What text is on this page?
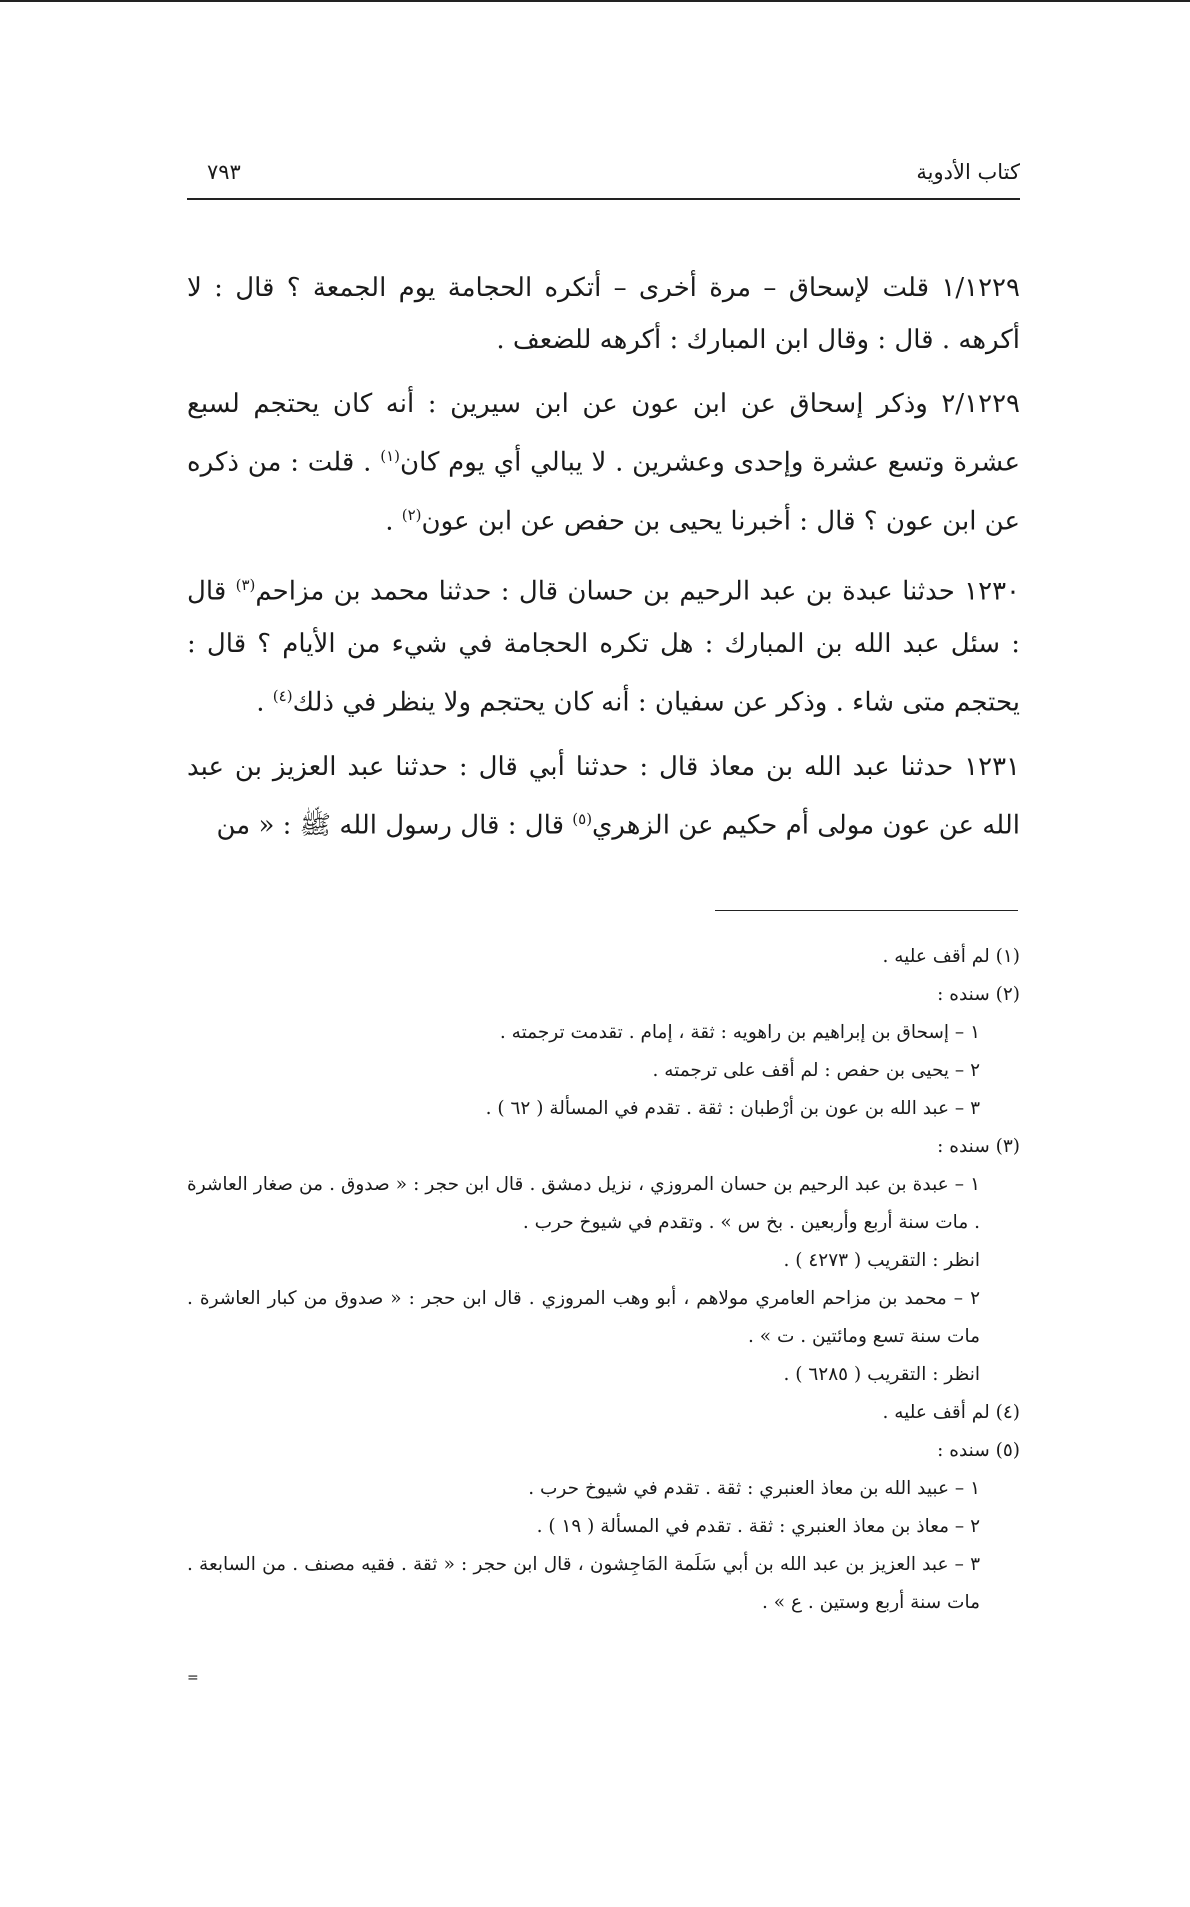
كتاب الأدوية
٧٩٣
١/١٢٢٩ قلت لإسحاق – مرة أخرى – أتكره الحجامة يوم الجمعة ؟ قال : لا أكرهه . قال : وقال ابن المبارك : أكرهه للضعف .
٢/١٢٢٩ وذكر إسحاق عن ابن عون عن ابن سيرين : أنه كان يحتجم لسبع عشرة وتسع عشرة وإحدى وعشرين . لا يبالي أي يوم كان$^{(١)}$ . قلت : من ذكره عن ابن عون ؟ قال : أخبرنا يحيى بن حفص عن ابن عون$^{(٢)}$ .
١٢٣٠ حدثنا عبدة بن عبد الرحيم بن حسان قال : حدثنا محمد بن مزاحم$^{(٣)}$ قال : سئل عبد الله بن المبارك : هل تكره الحجامة في شيء من الأيام ؟ قال : يحتجم متى شاء . وذكر عن سفيان : أنه كان يحتجم ولا ينظر في ذلك$^{(٤)}$ .
١٢٣١ حدثنا عبد الله بن معاذ قال : حدثنا أبي قال : حدثنا عبد العزيز بن عبد الله عن عون مولى أم حكيم عن الزهري$^{(٥)}$ قال : قال رسول الله ﷺ : « من
(١) لم أقف عليه .
(٢) سنده :
١ – إسحاق بن إبراهيم بن راهويه : ثقة ، إمام . تقدمت ترجمته .
٢ – يحيى بن حفص : لم أقف على ترجمته .
٣ – عبد الله بن عون بن أرْطبان : ثقة . تقدم في المسألة ( ٦٢ ) .
(٣) سنده :
١ – عبدة بن عبد الرحيم بن حسان المروزي ، نزيل دمشق . قال ابن حجر : « صدوق . من صغار العاشرة . مات سنة أربع وأربعين . بخ س » . وتقدم في شيوخ حرب .
انظر : التقريب ( ٤٢٧٣ ) .
٢ – محمد بن مزاحم العامري مولاهم ، أبو وهب المروزي . قال ابن حجر : « صدوق من كبار العاشرة . مات سنة تسع ومائتين . ت » .
انظر : التقريب ( ٦٢٨٥ ) .
(٤) لم أقف عليه .
(٥) سنده :
١ – عبيد الله بن معاذ العنبري : ثقة . تقدم في شيوخ حرب .
٢ – معاذ بن معاذ العنبري : ثقة . تقدم في المسألة ( ١٩ ) .
٣ – عبد العزيز بن عبد الله بن أبي سَلَمة المَاجِشون ، قال ابن حجر : « ثقة . فقيه مصنف . من السابعة . مات سنة أربع وستين . ع » .
=
